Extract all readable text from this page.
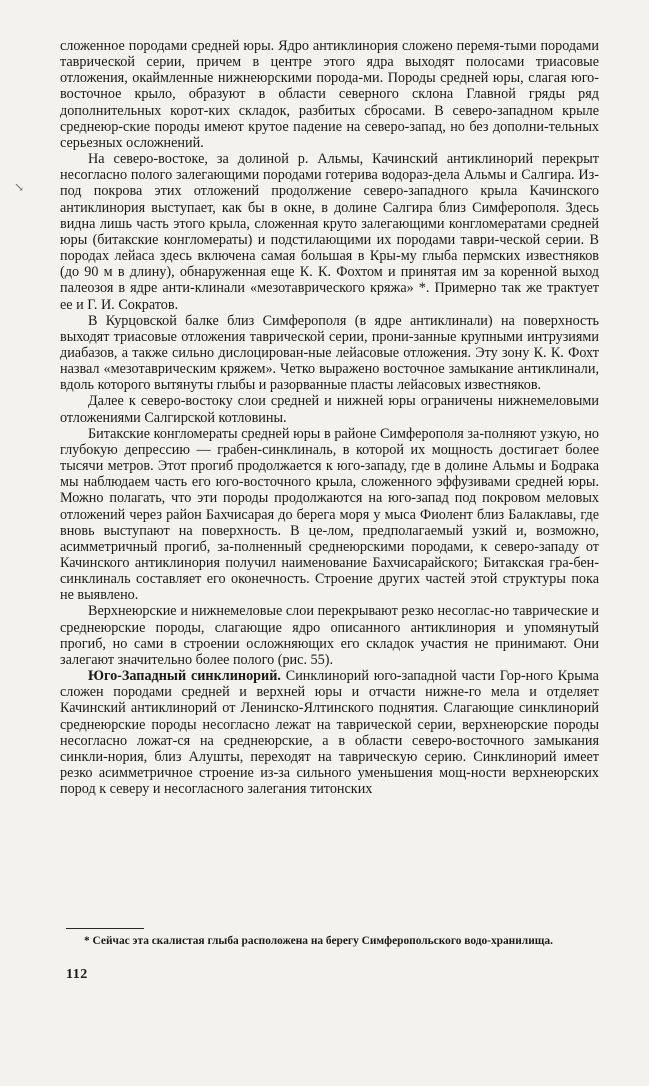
сложенное породами средней юры. Ядро антиклинория сложено перемя-тыми породами таврической серии, причем в центре этого ядра выходят полосами триасовые отложения, окаймленные нижнеюрскими порода-ми. Породы средней юры, слагая юго-восточное крыло, образуют в области северного склона Главной гряды ряд дополнительных корот-ких складок, разбитых сбросами. В северо-западном крыле среднеюр-ские породы имеют крутое падение на северо-запад, но без дополни-тельных серьезных осложнений.

На северо-востоке, за долиной р. Альмы, Качинский антиклинорий перекрыт несогласно полого залегающими породами готерива водораз-дела Альмы и Салгира. Из-под покрова этих отложений продолжение северо-западного крыла Качинского антиклинория выступает, как бы в окне, в долине Салгира близ Симферополя. Здесь видна лишь часть этого крыла, сложенная круто залегающими конгломератами средней юры (битакские конгломераты) и подстилающими их породами таври-ческой серии. В породах лейаса здесь включена самая большая в Кры-му глыба пермских известняков (до 90 м в длину), обнаруженная еще К. К. Фохтом и принятая им за коренной выход палеозоя в ядре анти-клинали «мезотаврического кряжа» *. Примерно так же трактует ее и Г. И. Сократов.

В Курцовской балке близ Симферополя (в ядре антиклинали) на поверхность выходят триасовые отложения таврической серии, прони-занные крупными интрузиями диабазов, а также сильно дислоцирован-ные лейасовые отложения. Эту зону К. К. Фохт назвал «мезотаврическим кряжем». Четко выражено восточное замыкание антиклинали, вдоль которого вытянуты глыбы и разорванные пласты лейасовых известняков.

Далее к северо-востоку слои средней и нижней юры ограничены нижнемеловыми отложениями Салгирской котловины.

Битакские конгломераты средней юры в районе Симферополя за-полняют узкую, но глубокую депрессию — грабен-синклиналь, в которой их мощность достигает более тысячи метров. Этот прогиб продолжается к юго-западу, где в долине Альмы и Бодрака мы наблюдаем часть его юго-восточного крыла, сложенного эффузивами средней юры. Можно полагать, что эти породы продолжаются на юго-запад под покровом меловых отложений через район Бахчисарая до берега моря у мыса Фиолент близ Балаклавы, где вновь выступают на поверхность. В це-лом, предполагаемый узкий и, возможно, асимметричный прогиб, за-полненный среднеюрскими породами, к северо-западу от Качинского антиклинория получил наименование Бахчисарайского; Битакская гра-бен-синклиналь составляет его оконечность. Строение других частей этой структуры пока не выявлено.

Верхнеюрские и нижнемеловые слои перекрывают резко несоглас-но таврические и среднеюрские породы, слагающие ядро описанного антиклинория и упомянутый прогиб, но сами в строении осложняющих его складок участия не принимают. Они залегают значительно более полого (рис. 55).

Юго-Западный синклинорий. Синклинорий юго-западной части Гор-ного Крыма сложен породами средней и верхней юры и отчасти нижне-го мела и отделяет Качинский антиклинорий от Ленинско-Ялтинского поднятия. Слагающие синклинорий среднеюрские породы несогласно лежат на таврической серии, верхнеюрские породы несогласно ложат-ся на среднеюрские, а в области северо-восточного замыкания синкли-нория, близ Алушты, переходят на таврическую серию. Синклинорий имеет резко асимметричное строение из-за сильного уменьшения мощ-ности верхнеюрских пород к северу и несогласного залегания титонских

↘

* Сейчас эта скалистая глыба расположена на берегу Симферопольского водо-хранилища.

112
